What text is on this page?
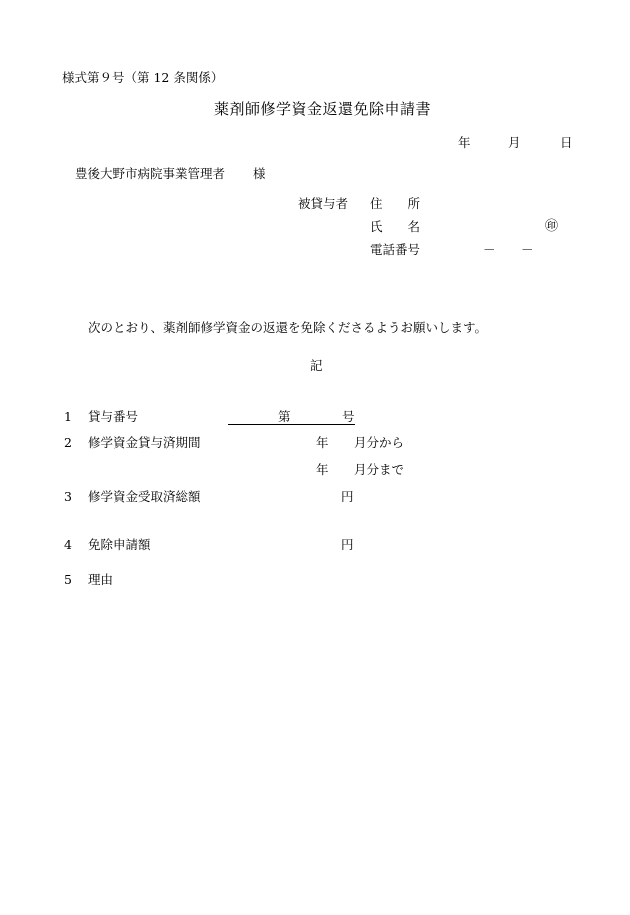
様式第９号（第 12 条関係）
薬剤師修学資金返還免除申請書
年	月	日
豊後大野市病院事業管理者 様
被貸与者 住　　所
氏　　名	㊞
電話番号	－ －
次のとおり、薬剤師修学資金の返還を免除くださるようお願いします。
記
1 貸与番号	第	号
2 修学資金貸与済期間	年 月分から
年 月分まで
3 修学資金受取済総額	円
4 免除申請額	円
5 理由
